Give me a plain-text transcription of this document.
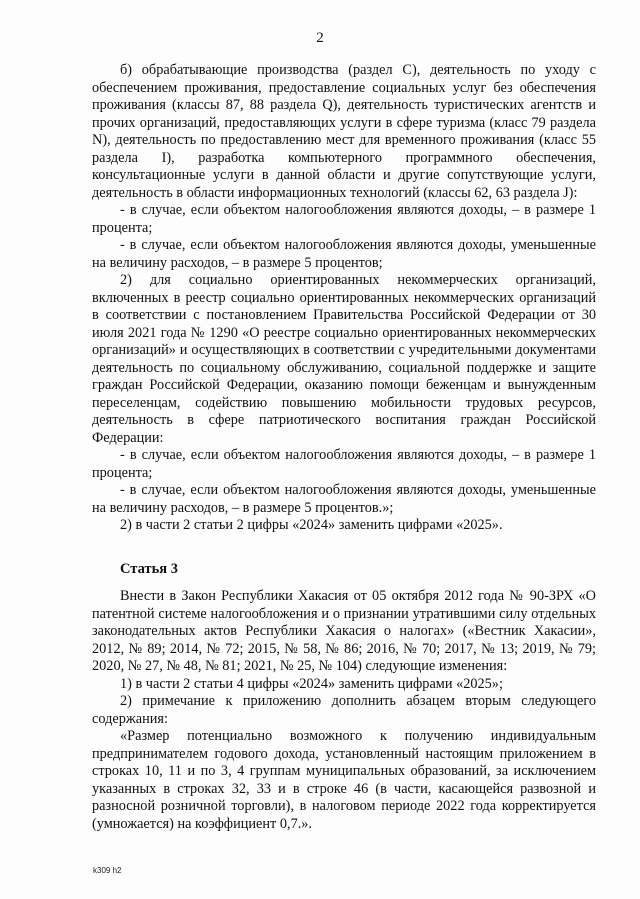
2

б) обрабатывающие производства (раздел C), деятельность по уходу с обеспечением проживания, предоставление социальных услуг без обеспечения проживания (классы 87, 88 раздела Q), деятельность туристических агентств и прочих организаций, предоставляющих услуги в сфере туризма (класс 79 раздела N), деятельность по предоставлению мест для временного проживания (класс 55 раздела I), разработка компьютерного программного обеспечения, консультационные услуги в данной области и другие сопутствующие услуги, деятельность в области информационных технологий (классы 62, 63 раздела J):

- в случае, если объектом налогообложения являются доходы, – в размере 1 процента;

- в случае, если объектом налогообложения являются доходы, уменьшенные на величину расходов, – в размере 5 процентов;

2) для социально ориентированных некоммерческих организаций, включенных в реестр социально ориентированных некоммерческих организаций в соответствии с постановлением Правительства Российской Федерации от 30 июля 2021 года № 1290 «О реестре социально ориентированных некоммерческих организаций» и осуществляющих в соответствии с учредительными документами деятельность по социальному обслуживанию, социальной поддержке и защите граждан Российской Федерации, оказанию помощи беженцам и вынужденным переселенцам, содействию повышению мобильности трудовых ресурсов, деятельность в сфере патриотического воспитания граждан Российской Федерации:

- в случае, если объектом налогообложения являются доходы, – в размере 1 процента;

- в случае, если объектом налогообложения являются доходы, уменьшенные на величину расходов, – в размере 5 процентов.»;

2) в части 2 статьи 2 цифры «2024» заменить цифрами «2025».

Статья 3

Внести в Закон Республики Хакасия от 05 октября 2012 года № 90-ЗРХ «О патентной системе налогообложения и о признании утратившими силу отдельных законодательных актов Республики Хакасия о налогах» («Вестник Хакасии», 2012, № 89; 2014, № 72; 2015, № 58, № 86; 2016, № 70; 2017, № 13; 2019, № 79; 2020, № 27, № 48, № 81; 2021, № 25, № 104) следующие изменения:

1) в части 2 статьи 4 цифры «2024» заменить цифрами «2025»;

2) примечание к приложению дополнить абзацем вторым следующего содержания:

«Размер потенциально возможного к получению индивидуальным предпринимателем годового дохода, установленный настоящим приложением в строках 10, 11 и по 3, 4 группам муниципальных образований, за исключением указанных в строках 32, 33 и в строке 46 (в части, касающейся развозной и разносной розничной торговли), в налоговом периоде 2022 года корректируется (умножается) на коэффициент 0,7.».

k309 h2
